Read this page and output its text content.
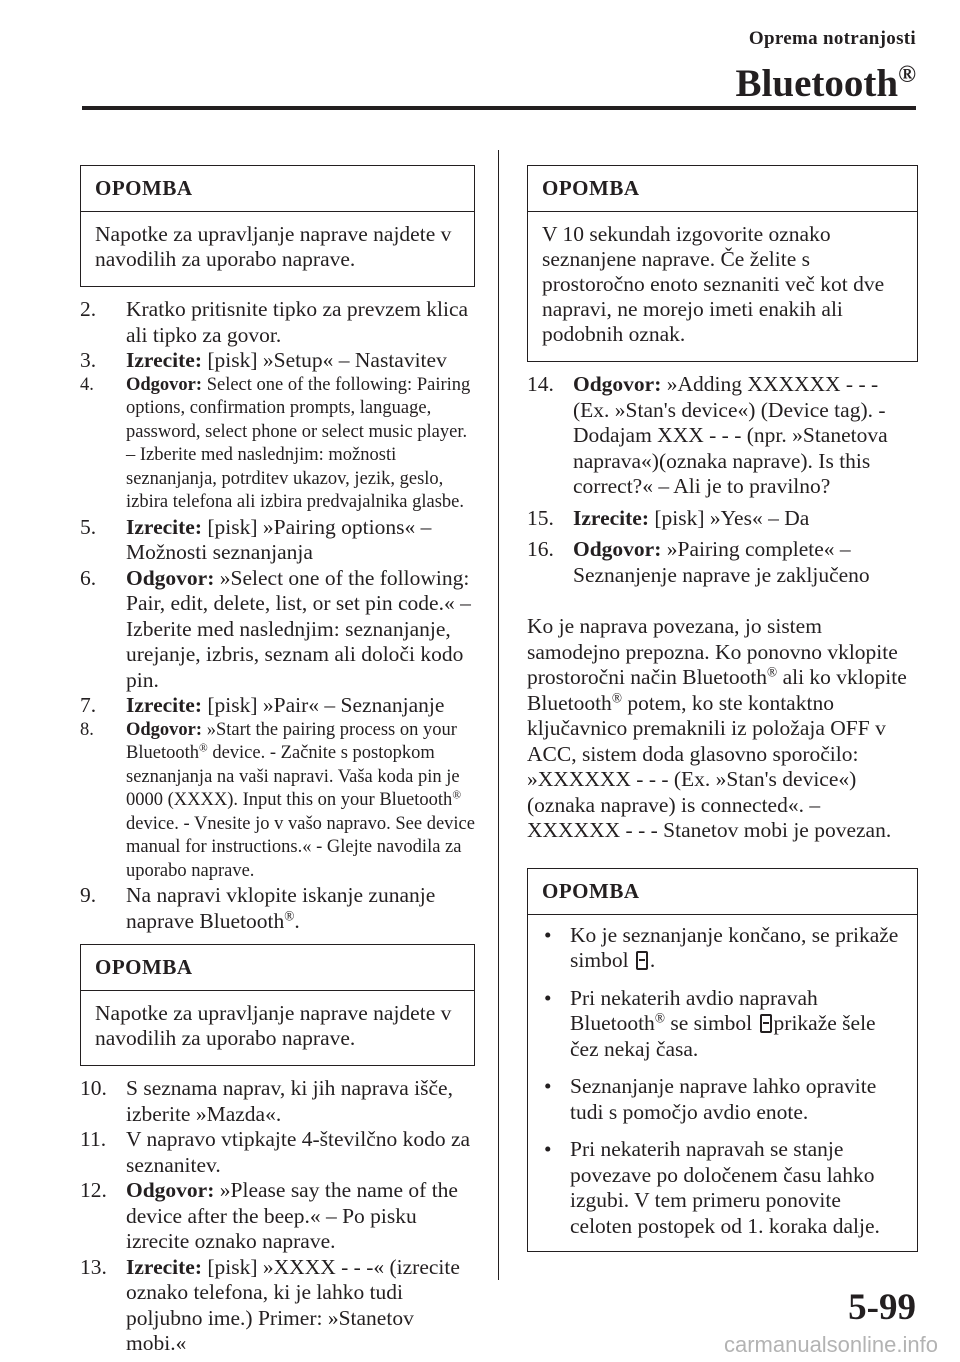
Oprema notranjosti
Bluetooth®
OPOMBA
Napotke za upravljanje naprave najdete v navodilih za uporabo naprave.
2.	Kratko pritisnite tipko za prevzem klica ali tipko za govor.
3.	Izrecite: [pisk] »Setup« – Nastavitev
4.	Odgovor: Select one of the following: Pairing options, confirmation prompts, language, password, select phone or select music player. – Izberite med naslednjim: možnosti seznanjanja, potrditev ukazov, jezik, geslo, izbira telefona ali izbira predvajalnika glasbe.
5.	Izrecite: [pisk] »Pairing options« – Možnosti seznanjanja
6.	Odgovor: »Select one of the following: Pair, edit, delete, list, or set pin code.« – Izberite med naslednjim: seznanjanje, urejanje, izbris, seznam ali določi kodo pin.
7.	Izrecite: [pisk] »Pair« – Seznanjanje
8.	Odgovor: »Start the pairing process on your Bluetooth® device. - Začnite s postopkom seznanjanja na vaši napravi. Vaša koda pin je 0000 (XXXX). Input this on your Bluetooth® device. - Vnesite jo v vašo napravo. See device manual for instructions.« - Glejte navodila za uporabo naprave.
9.	Na napravi vklopite iskanje zunanje naprave Bluetooth®.
OPOMBA
Napotke za upravljanje naprave najdete v navodilih za uporabo naprave.
10. S seznama naprav, ki jih naprava išče, izberite »Mazda«.
11. V napravo vtipkajte 4-številčno kodo za seznanitev.
12. Odgovor: »Please say the name of the device after the beep.« – Po pisku izrecite oznako naprave.
13. Izrecite: [pisk] »XXXX - - -« (izrecite oznako telefona, ki je lahko tudi poljubno ime.) Primer: »Stanetov mobi.«
OPOMBA
V 10 sekundah izgovorite oznako seznanjene naprave. Če želite s prostoročno enoto seznaniti več kot dve napravi, ne morejo imeti enakih ali podobnih oznak.
14. Odgovor: »Adding XXXXXX - - - (Ex. »Stan's device«) (Device tag). - Dodajam XXX - - - (npr. »Stanetova naprava«)(oznaka naprave). Is this correct?« – Ali je to pravilno?
15. Izrecite: [pisk] »Yes« – Da
16. Odgovor: »Pairing complete« – Seznanjenje naprave je zaključeno
Ko je naprava povezana, jo sistem samodejno prepozna. Ko ponovno vklopite prostoročni način Bluetooth® ali ko vklopite Bluetooth® potem, ko ste kontaktno ključavnico premaknili iz položaja OFF v ACC, sistem doda glasovno sporočilo: »XXXXXX - - - (Ex. »Stan's device«) (oznaka naprave) is connected«. – XXXXXX - - - Stanetov mobi je povezan.
OPOMBA
• Ko je seznanjanje končano, se prikaže simbol .
• Pri nekaterih avdio napravah Bluetooth® se simbol prikaže šele čez nekaj časa.
• Seznanjanje naprave lahko opravite tudi s pomočjo avdio enote.
• Pri nekaterih napravah se stanje povezave po določenem času lahko izgubi. V tem primeru ponovite celoten postopek od 1. koraka dalje.
5-99
carmanualsonline.info
